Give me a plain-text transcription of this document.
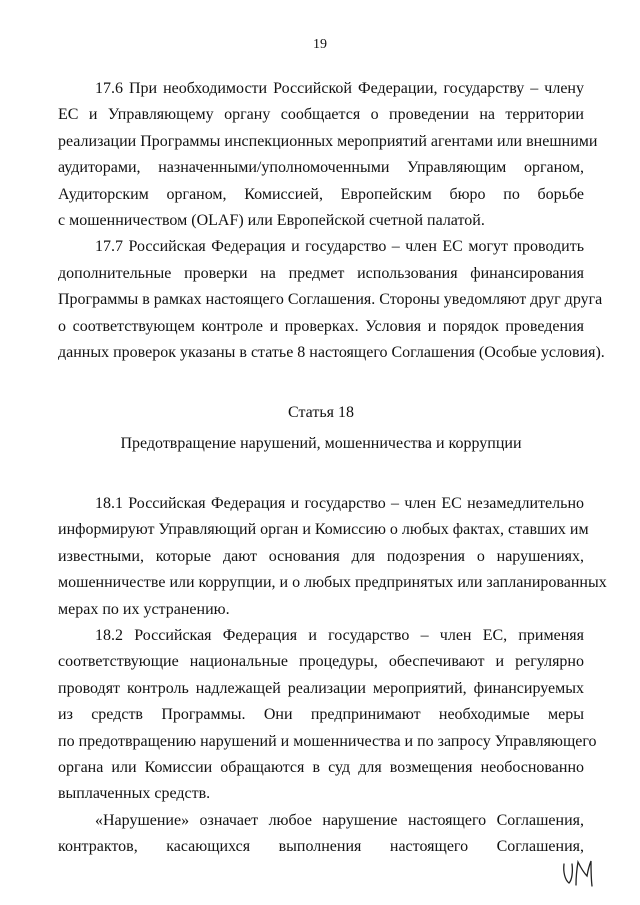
19
17.6 При необходимости Российской Федерации, государству – члену
ЕС и Управляющему органу сообщается о проведении на территории
реализации Программы инспекционных мероприятий агентами или внешними
аудиторами, назначенными/уполномоченными Управляющим органом,
Аудиторским органом, Комиссией, Европейским бюро по борьбе
с мошенничеством (OLAF) или Европейской счетной палатой.
17.7 Российская Федерация и государство – член ЕС могут проводить
дополнительные проверки на предмет использования финансирования
Программы в рамках настоящего Соглашения. Стороны уведомляют друг друга
о соответствующем контроле и проверках. Условия и порядок проведения
данных проверок указаны в статье 8 настоящего Соглашения (Особые условия).
Статья 18
Предотвращение нарушений, мошенничества и коррупции
18.1 Российская Федерация и государство – член ЕС незамедлительно
информируют Управляющий орган и Комиссию о любых фактах, ставших им
известными, которые дают основания для подозрения о нарушениях,
мошенничестве или коррупции, и о любых предпринятых или запланированных
мерах по их устранению.
18.2 Российская Федерация и государство – член ЕС, применяя
соответствующие национальные процедуры, обеспечивают и регулярно
проводят контроль надлежащей реализации мероприятий, финансируемых
из средств Программы. Они предпринимают необходимые меры
по предотвращению нарушений и мошенничества и по запросу Управляющего
органа или Комиссии обращаются в суд для возмещения необоснованно
выплаченных средств.
«Нарушение» означает любое нарушение настоящего Соглашения,
контрактов, касающихся выполнения настоящего Соглашения,
